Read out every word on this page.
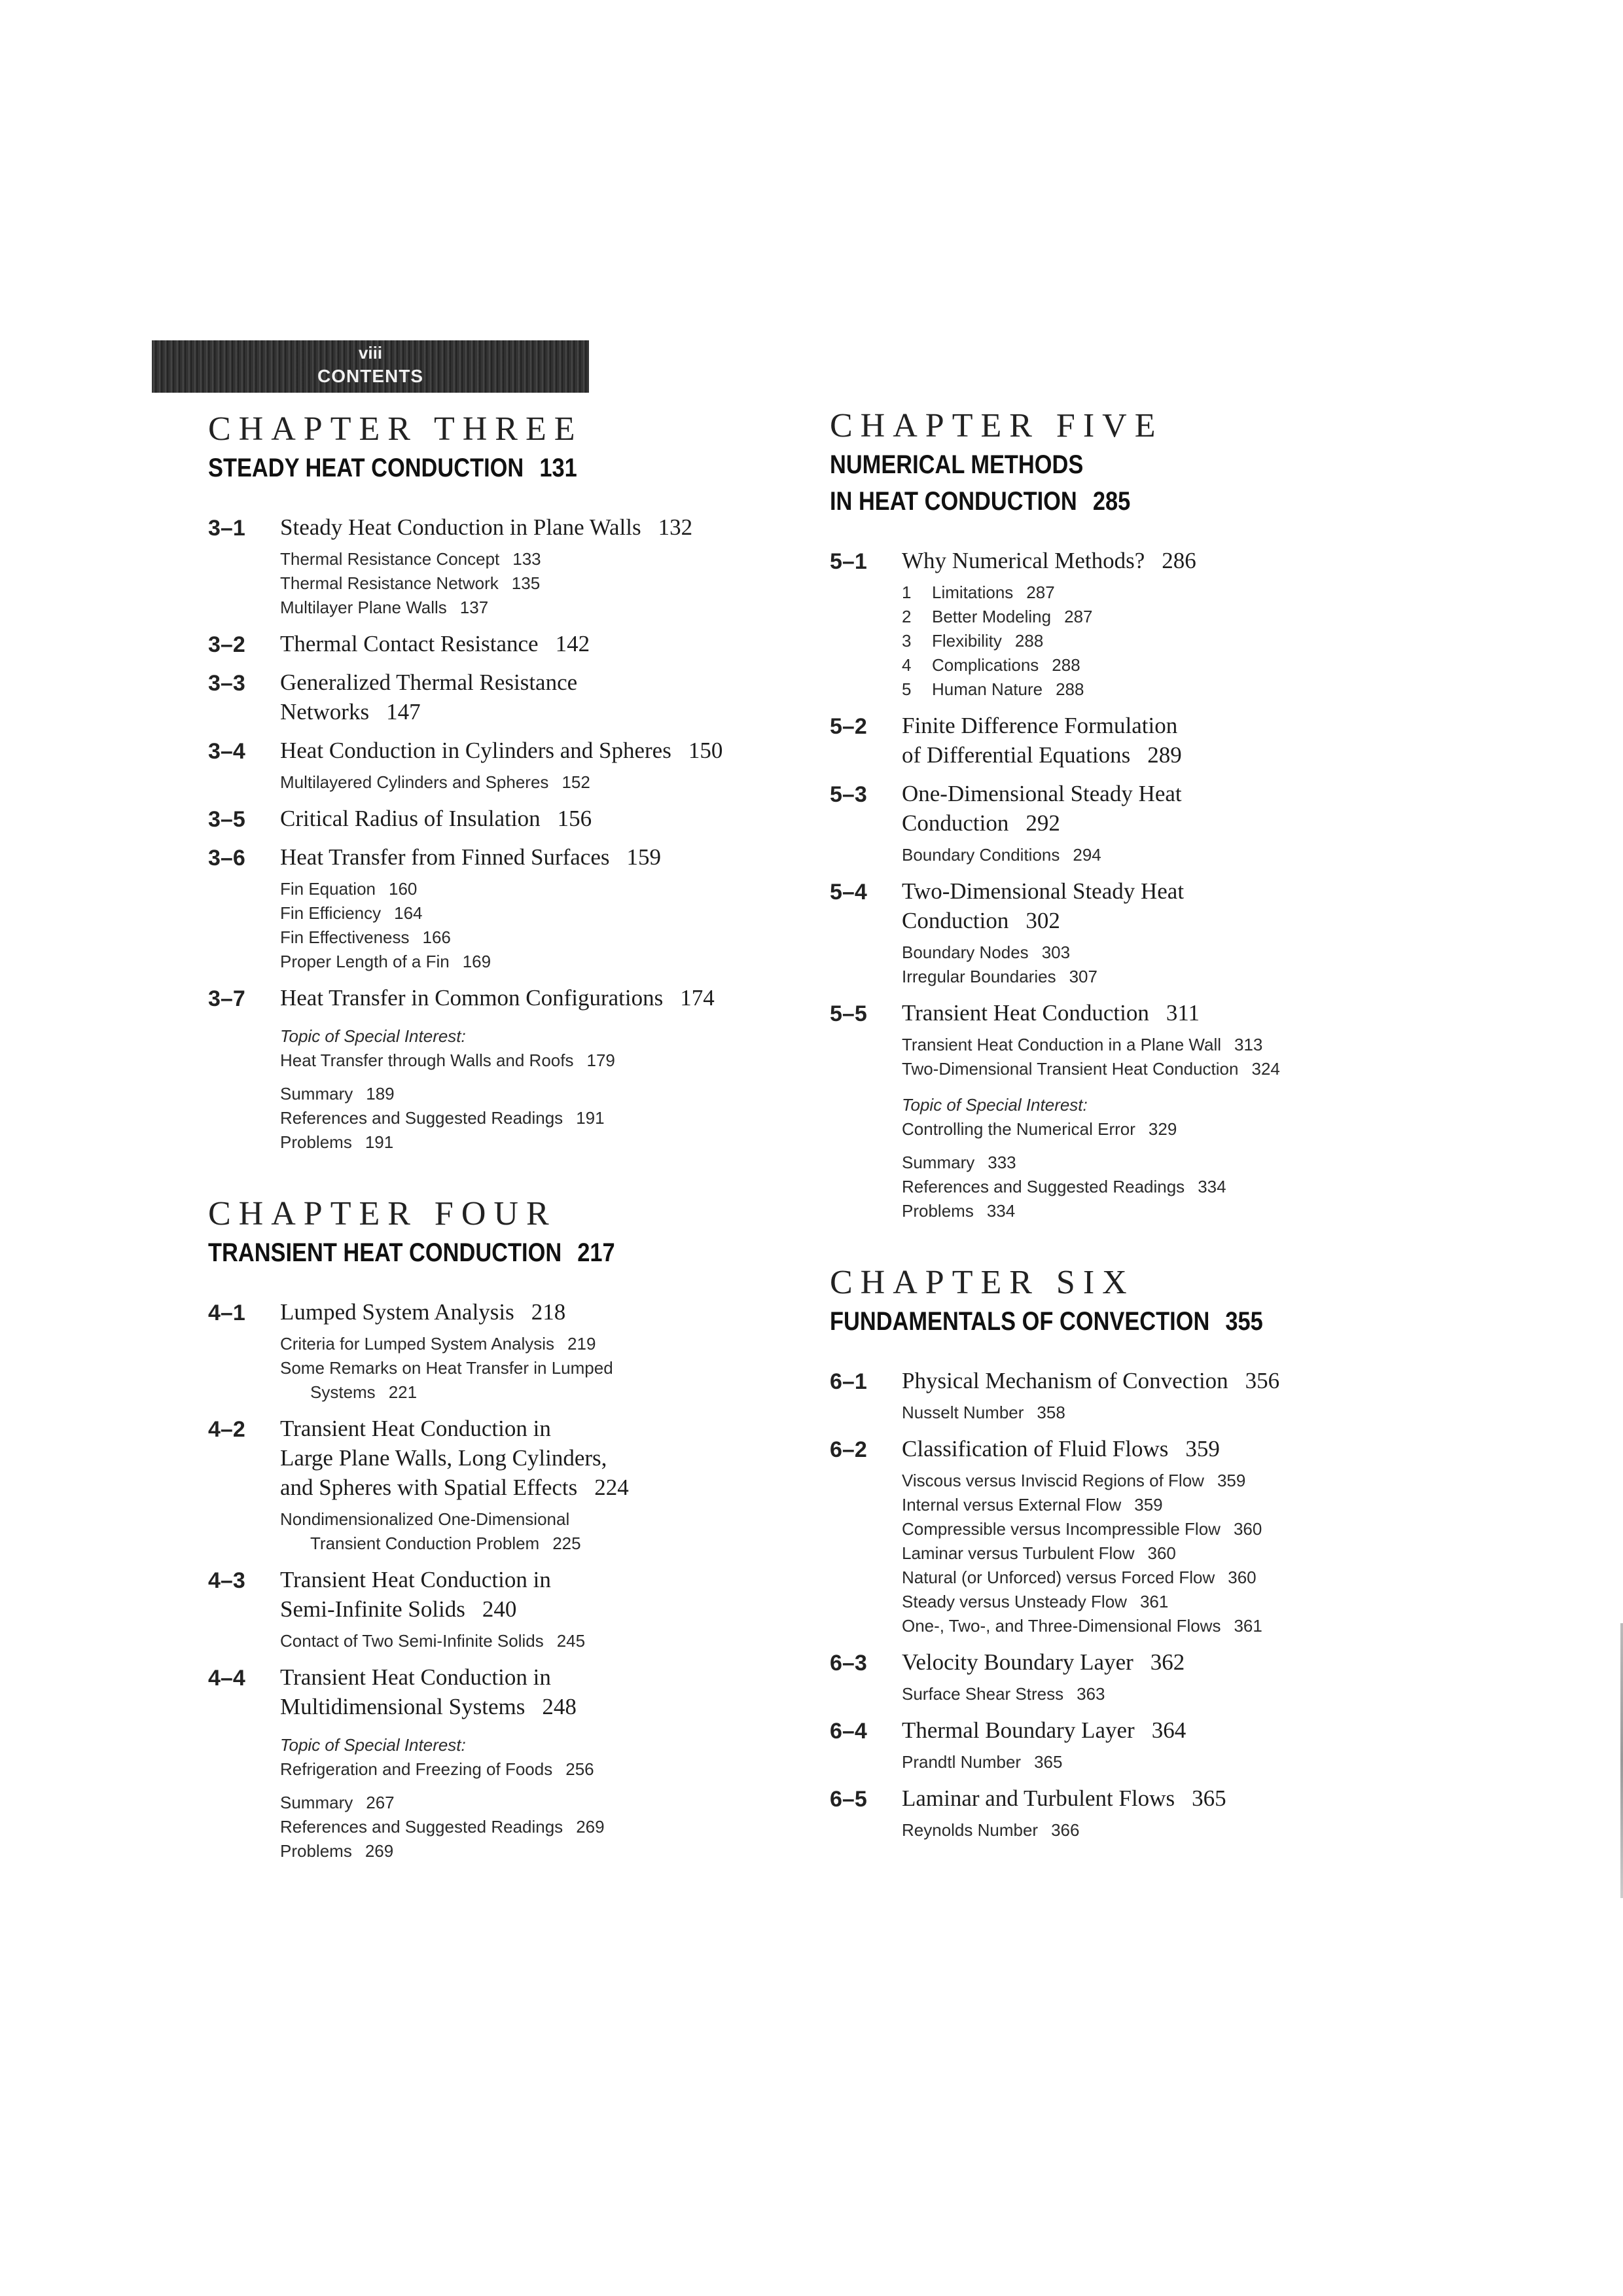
viii
CONTENTS
CHAPTER THREE
STEADY HEAT CONDUCTION 131
3–1 Steady Heat Conduction in Plane Walls 132
Thermal Resistance Concept 133
Thermal Resistance Network 135
Multilayer Plane Walls 137
3–2 Thermal Contact Resistance 142
3–3 Generalized Thermal Resistance
Networks 147
3–4 Heat Conduction in Cylinders and Spheres 150
Multilayered Cylinders and Spheres 152
3–5 Critical Radius of Insulation 156
3–6 Heat Transfer from Finned Surfaces 159
Fin Equation 160
Fin Efficiency 164
Fin Effectiveness 166
Proper Length of a Fin 169
3–7 Heat Transfer in Common Configurations 174
Topic of Special Interest:
Heat Transfer through Walls and Roofs 179
Summary 189
References and Suggested Readings 191
Problems 191
CHAPTER FOUR
TRANSIENT HEAT CONDUCTION 217
4–1 Lumped System Analysis 218
Criteria for Lumped System Analysis 219
Some Remarks on Heat Transfer in Lumped
Systems 221
4–2 Transient Heat Conduction in
Large Plane Walls, Long Cylinders,
and Spheres with Spatial Effects 224
Nondimensionalized One-Dimensional
Transient Conduction Problem 225
4–3 Transient Heat Conduction in
Semi-Infinite Solids 240
Contact of Two Semi-Infinite Solids 245
4–4 Transient Heat Conduction in
Multidimensional Systems 248
Topic of Special Interest:
Refrigeration and Freezing of Foods 256
Summary 267
References and Suggested Readings 269
Problems 269
CHAPTER FIVE
NUMERICAL METHODS
IN HEAT CONDUCTION 285
5–1 Why Numerical Methods? 286
1 Limitations 287
2 Better Modeling 287
3 Flexibility 288
4 Complications 288
5 Human Nature 288
5–2 Finite Difference Formulation
of Differential Equations 289
5–3 One-Dimensional Steady Heat
Conduction 292
Boundary Conditions 294
5–4 Two-Dimensional Steady Heat
Conduction 302
Boundary Nodes 303
Irregular Boundaries 307
5–5 Transient Heat Conduction 311
Transient Heat Conduction in a Plane Wall 313
Two-Dimensional Transient Heat Conduction 324
Topic of Special Interest:
Controlling the Numerical Error 329
Summary 333
References and Suggested Readings 334
Problems 334
CHAPTER SIX
FUNDAMENTALS OF CONVECTION 355
6–1 Physical Mechanism of Convection 356
Nusselt Number 358
6–2 Classification of Fluid Flows 359
Viscous versus Inviscid Regions of Flow 359
Internal versus External Flow 359
Compressible versus Incompressible Flow 360
Laminar versus Turbulent Flow 360
Natural (or Unforced) versus Forced Flow 360
Steady versus Unsteady Flow 361
One-, Two-, and Three-Dimensional Flows 361
6–3 Velocity Boundary Layer 362
Surface Shear Stress 363
6–4 Thermal Boundary Layer 364
Prandtl Number 365
6–5 Laminar and Turbulent Flows 365
Reynolds Number 366
